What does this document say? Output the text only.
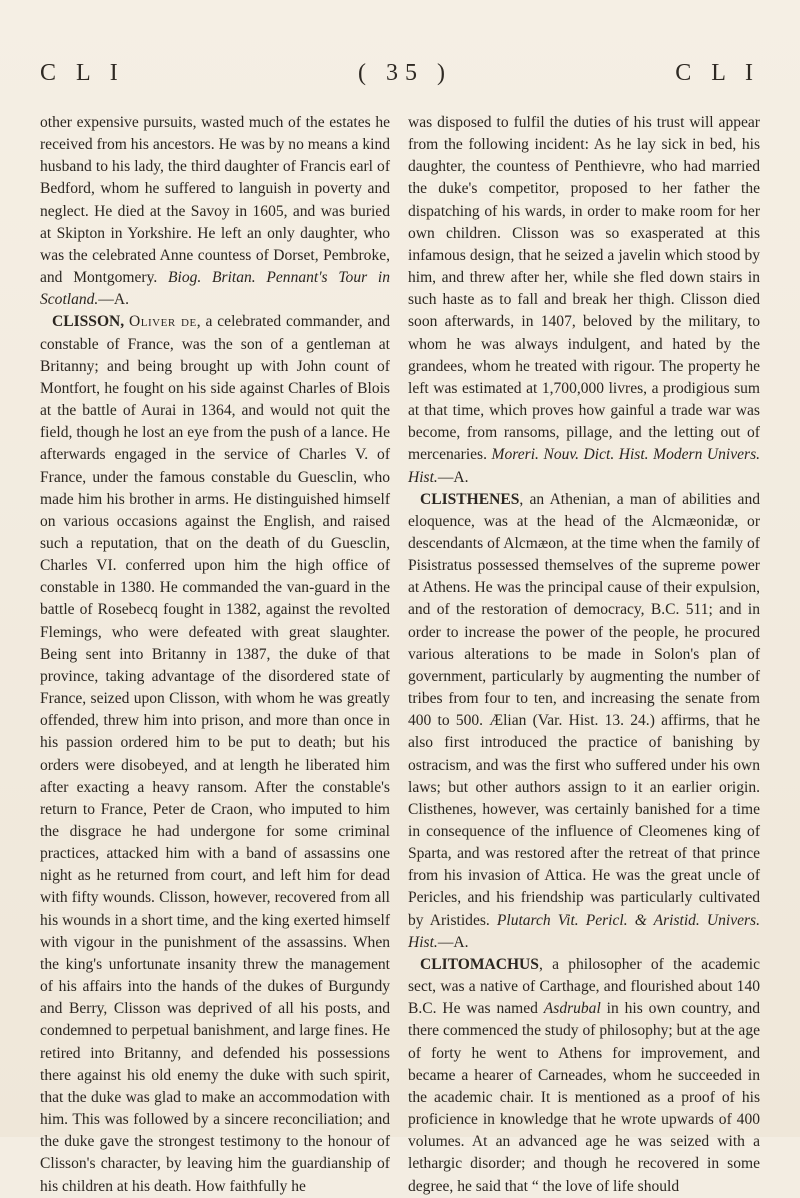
C L I	( 35 )	C L I

other expensive pursuits, wasted much of the estates he received from his ancestors. He was by no means a kind husband to his lady, the third daughter of Francis earl of Bedford, whom he suffered to languish in poverty and neglect. He died at the Savoy in 1605, and was buried at Skipton in Yorkshire. He left an only daughter, who was the celebrated Anne countess of Dorset, Pembroke, and Montgomery. Biog. Britan. Pennant's Tour in Scotland.—A.

CLISSON, Oliver de, a celebrated commander, and constable of France, was the son of a gentleman at Britanny; and being brought up with John count of Montfort, he fought on his side against Charles of Blois at the battle of Aurai in 1364, and would not quit the field, though he lost an eye from the push of a lance. He afterwards engaged in the service of Charles V. of France, under the famous constable du Guesclin, who made him his brother in arms. He distinguished himself on various occasions against the English, and raised such a reputation, that on the death of du Guesclin, Charles VI. conferred upon him the high office of constable in 1380. He commanded the van-guard in the battle of Rosebecq fought in 1382, against the revolted Flemings, who were defeated with great slaughter. Being sent into Britanny in 1387, the duke of that province, taking advantage of the disordered state of France, seized upon Clisson, with whom he was greatly offended, threw him into prison, and more than once in his passion ordered him to be put to death; but his orders were disobeyed, and at length he liberated him after exacting a heavy ransom. After the constable's return to France, Peter de Craon, who imputed to him the disgrace he had undergone for some criminal practices, attacked him with a band of assassins one night as he returned from court, and left him for dead with fifty wounds. Clisson, however, recovered from all his wounds in a short time, and the king exerted himself with vigour in the punishment of the assassins. When the king's unfortunate insanity threw the management of his affairs into the hands of the dukes of Burgundy and Berry, Clisson was deprived of all his posts, and condemned to perpetual banishment, and large fines. He retired into Britanny, and defended his possessions there against his old enemy the duke with such spirit, that the duke was glad to make an accommodation with him. This was followed by a sincere reconciliation; and the duke gave the strongest testimony to the honour of Clisson's character, by leaving him the guardianship of his children at his death. How faithfully he

was disposed to fulfil the duties of his trust will appear from the following incident: As he lay sick in bed, his daughter, the countess of Penthievre, who had married the duke's competitor, proposed to her father the dispatching of his wards, in order to make room for her own children. Clisson was so exasperated at this infamous design, that he seized a javelin which stood by him, and threw after her, while she fled down stairs in such haste as to fall and break her thigh. Clisson died soon afterwards, in 1407, beloved by the military, to whom he was always indulgent, and hated by the grandees, whom he treated with rigour. The property he left was estimated at 1,700,000 livres, a prodigious sum at that time, which proves how gainful a trade war was become, from ransoms, pillage, and the letting out of mercenaries. Moreri. Nouv. Dict. Hist. Modern Univers. Hist.—A.

CLISTHENES, an Athenian, a man of abilities and eloquence, was at the head of the Alcmæonidæ, or descendants of Alcmæon, at the time when the family of Pisistratus possessed themselves of the supreme power at Athens. He was the principal cause of their expulsion, and of the restoration of democracy, B.C. 511; and in order to increase the power of the people, he procured various alterations to be made in Solon's plan of government, particularly by augmenting the number of tribes from four to ten, and increasing the senate from 400 to 500. Ælian (Var. Hist. 13. 24.) affirms, that he also first introduced the practice of banishing by ostracism, and was the first who suffered under his own laws; but other authors assign to it an earlier origin. Clisthenes, however, was certainly banished for a time in consequence of the influence of Cleomenes king of Sparta, and was restored after the retreat of that prince from his invasion of Attica. He was the great uncle of Pericles, and his friendship was particularly cultivated by Aristides. Plutarch Vit. Pericl. & Aristid. Univers. Hist.—A.

CLITOMACHUS, a philosopher of the academic sect, was a native of Carthage, and flourished about 140 B.C. He was named Asdrubal in his own country, and there commenced the study of philosophy; but at the age of forty he went to Athens for improvement, and became a hearer of Carneades, whom he succeeded in the academic chair. It is mentioned as a proof of his proficience in knowledge that he wrote upwards of 400 volumes. At an advanced age he was seized with a lethargic disorder; and though he recovered in some degree, he said that “ the love of life should
